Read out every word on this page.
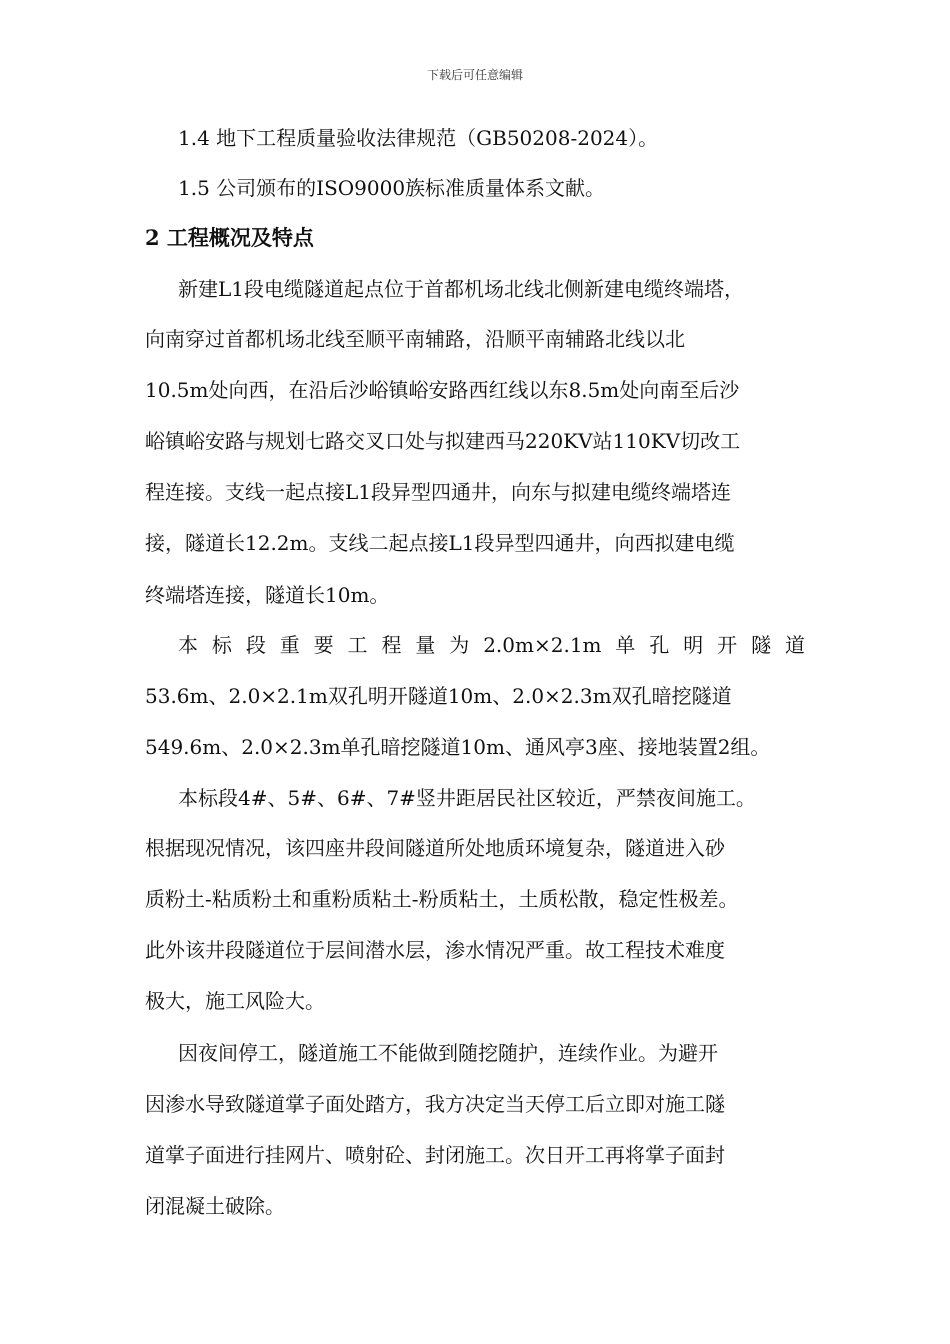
下载后可任意编辑
1.4 地下工程质量验收法律规范（GB50208-2024）。
1.5 公司颁布的ISO9000族标准质量体系文献。
2 工程概况及特点
新建L1段电缆隧道起点位于首都机场北线北侧新建电缆终端塔，
向南穿过首都机场北线至顺平南辅路，沿顺平南辅路北线以北
10.5m处向西，在沿后沙峪镇峪安路西红线以东8.5m处向南至后沙
峪镇峪安路与规划七路交叉口处与拟建西马220KV站110KV切改工
程连接。支线一起点接L1段异型四通井，向东与拟建电缆终端塔连
接，隧道长12.2m。支线二起点接L1段异型四通井，向西拟建电缆
终端塔连接，隧道长10m。
本标段重要工程量为2.0m×2.1m单孔明开隧道
53.6m、2.0×2.1m双孔明开隧道10m、2.0×2.3m双孔暗挖隧道
549.6m、2.0×2.3m单孔暗挖隧道10m、通风亭3座、接地装置2组。
本标段4#、5#、6#、7#竖井距居民社区较近，严禁夜间施工。
根据现况情况，该四座井段间隧道所处地质环境复杂，隧道进入砂
质粉土-粘质粉土和重粉质粘土-粉质粘土，土质松散，稳定性极差。
此外该井段隧道位于层间潜水层，渗水情况严重。故工程技术难度
极大，施工风险大。
因夜间停工，隧道施工不能做到随挖随护，连续作业。为避开
因渗水导致隧道掌子面处踏方，我方决定当天停工后立即对施工隧
道掌子面进行挂网片、喷射砼、封闭施工。次日开工再将掌子面封
闭混凝土破除。
